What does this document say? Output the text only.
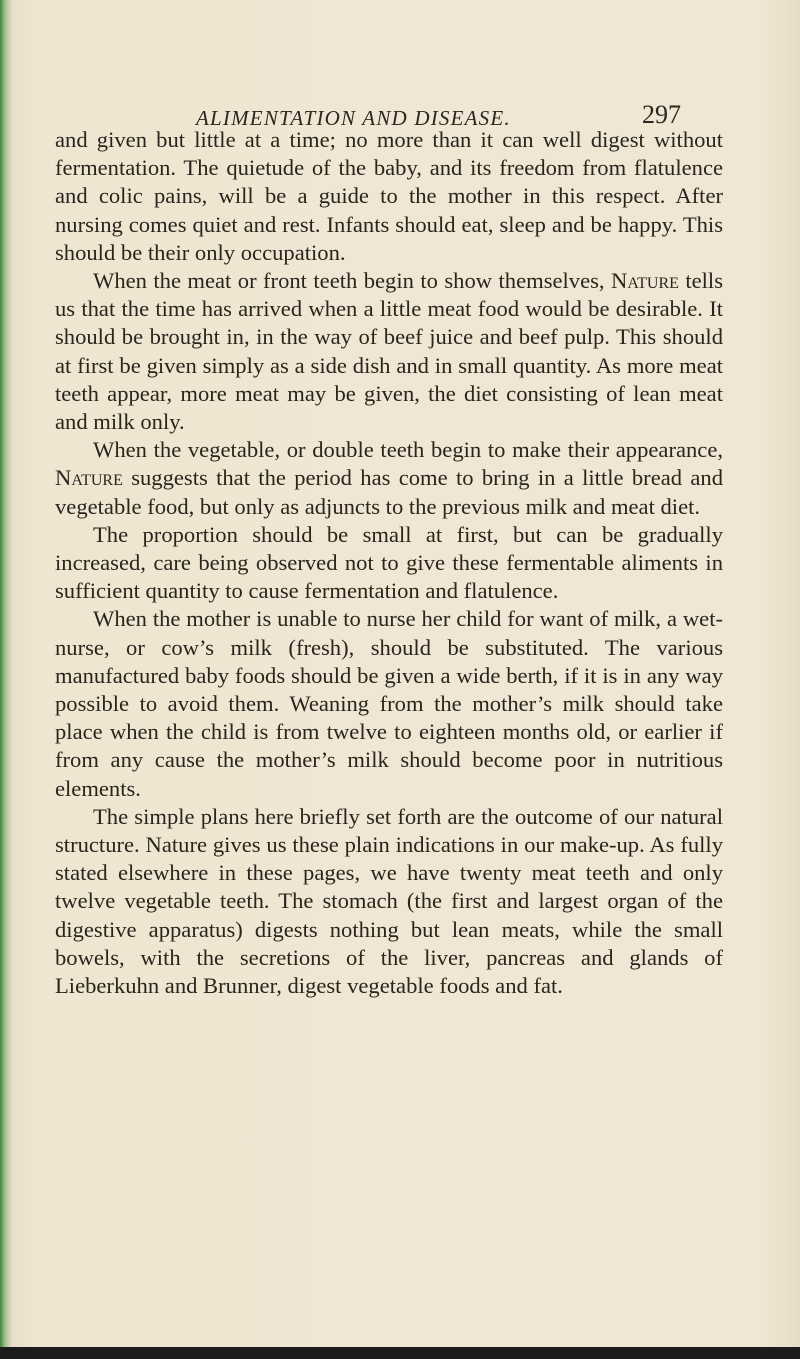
ALIMENTATION AND DISEASE.	297

and given but little at a time; no more than it can well digest without fermentation. The quietude of the baby, and its freedom from flatulence and colic pains, will be a guide to the mother in this respect. After nursing comes quiet and rest. Infants should eat, sleep and be happy. This should be their only occupation.

When the meat or front teeth begin to show themselves, Nature tells us that the time has arrived when a little meat food would be desirable. It should be brought in, in the way of beef juice and beef pulp. This should at first be given simply as a side dish and in small quantity. As more meat teeth appear, more meat may be given, the diet consisting of lean meat and milk only.

When the vegetable, or double teeth begin to make their appearance, Nature suggests that the period has come to bring in a little bread and vegetable food, but only as adjuncts to the previous milk and meat diet.

The proportion should be small at first, but can be gradually increased, care being observed not to give these fermentable aliments in sufficient quantity to cause fermentation and flatulence.

When the mother is unable to nurse her child for want of milk, a wet-nurse, or cow’s milk (fresh), should be substituted. The various manufactured baby foods should be given a wide berth, if it is in any way possible to avoid them. Weaning from the mother’s milk should take place when the child is from twelve to eighteen months old, or earlier if from any cause the mother’s milk should become poor in nutritious elements.

The simple plans here briefly set forth are the outcome of our natural structure. Nature gives us these plain indications in our make-up. As fully stated elsewhere in these pages, we have twenty meat teeth and only twelve vegetable teeth. The stomach (the first and largest organ of the digestive apparatus) digests nothing but lean meats, while the small bowels, with the secretions of the liver, pancreas and glands of Lieberkuhn and Brunner, digest vegetable foods and fat.
